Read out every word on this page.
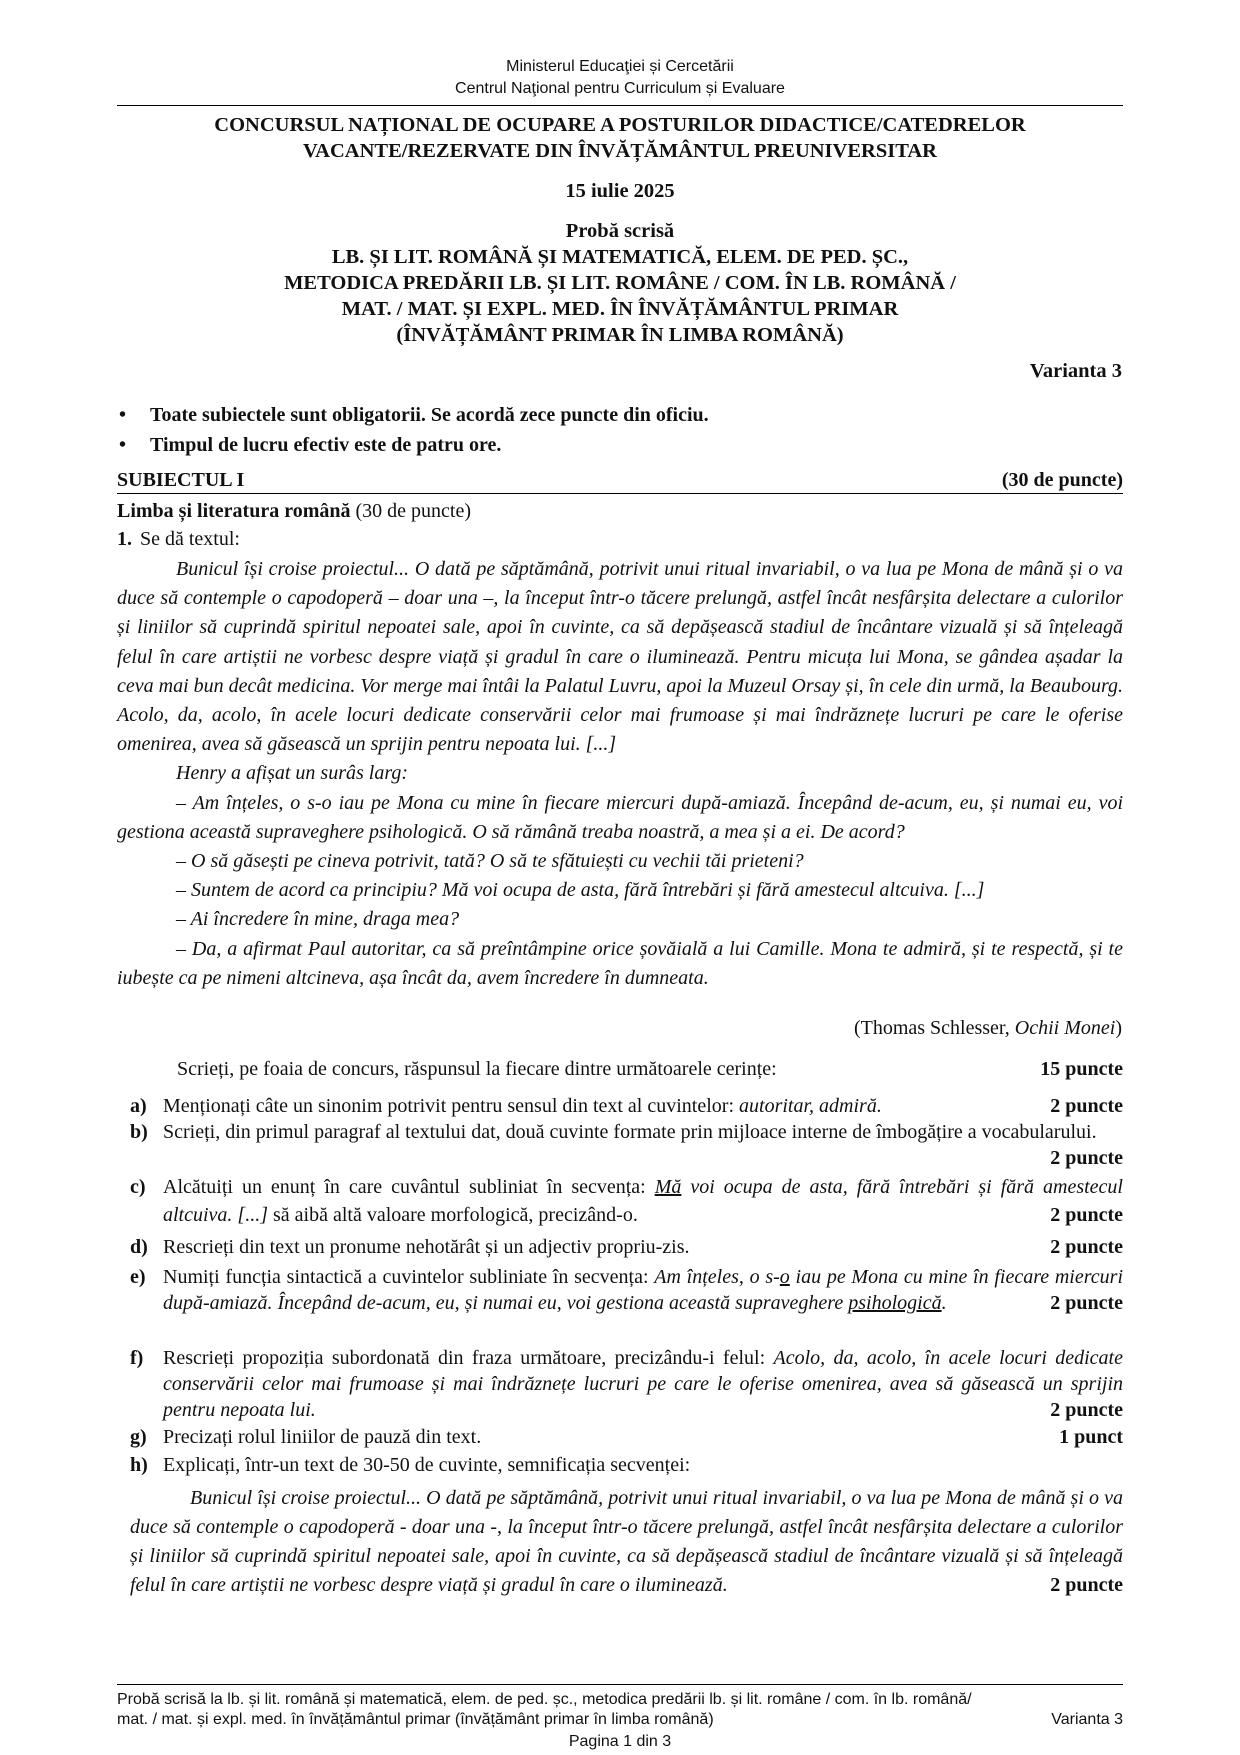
Ministerul Educaţiei și Cercetării
Centrul Naţional pentru Curriculum și Evaluare
CONCURSUL NAȚIONAL DE OCUPARE A POSTURILOR DIDACTICE/CATEDRELOR
VACANTE/REZERVATE DIN ÎNVĂȚĂMÂNTUL PREUNIVERSITAR
15 iulie 2025
Probă scrisă
LB. ȘI LIT. ROMÂNĂ ȘI MATEMATICĂ, ELEM. DE PED. ȘC.,
METODICA PREDĂRII LB. ȘI LIT. ROMÂNE / COM. ÎN LB. ROMÂNĂ /
MAT. / MAT. ȘI EXPL. MED. ÎN ÎNVĂȚĂMÂNTUL PRIMAR
(ÎNVĂȚĂMÂNT PRIMAR ÎN LIMBA ROMÂNĂ)
Varianta 3
• Toate subiectele sunt obligatorii. Se acordă zece puncte din oficiu.
• Timpul de lucru efectiv este de patru ore.
SUBIECTUL I	(30 de puncte)
Limba și literatura română (30 de puncte)
1. Se dă textul:

Bunicul își croise proiectul... O dată pe săptămână, potrivit unui ritual invariabil, o va lua pe Mona de mână și o va duce să contemple o capodoperă – doar una –, la început într-o tăcere prelungă, astfel încât nesfârșita delectare a culorilor și liniilor să cuprindă spiritul nepoatei sale, apoi în cuvinte, ca să depășească stadiul de încântare vizuală și să înțeleagă felul în care artiștii ne vorbesc despre viață și gradul în care o iluminează. Pentru micuța lui Mona, se gândea așadar la ceva mai bun decât medicina. Vor merge mai întâi la Palatul Luvru, apoi la Muzeul Orsay și, în cele din urmă, la Beaubourg. Acolo, da, acolo, în acele locuri dedicate conservării celor mai frumoase și mai îndrăznețe lucruri pe care le oferise omenirea, avea să găsească un sprijin pentru nepoata lui. [...]

Henry a afișat un surâs larg:

– Am înțeles, o s-o iau pe Mona cu mine în fiecare miercuri după-amiază. Începând de-acum, eu, și numai eu, voi gestiona această supraveghere psihologică. O să rămână treaba noastră, a mea și a ei. De acord?

– O să găsești pe cineva potrivit, tată? O să te sfătuiești cu vechii tăi prieteni?

– Suntem de acord ca principiu? Mă voi ocupa de asta, fără întrebări și fără amestecul altcuiva. [...]

– Ai încredere în mine, draga mea?

– Da, a afirmat Paul autoritar, ca să preîntâmpine orice șovăială a lui Camille. Mona te admiră, și te respectă, și te iubește ca pe nimeni altcineva, așa încât da, avem încredere în dumneata.

(Thomas Schlesser, Ochii Monei)
Scrieți, pe foaia de concurs, răspunsul la fiecare dintre următoarele cerințe:	15 puncte
a)	2 puncte
Menționați câte un sinonim potrivit pentru sensul din text al cuvintelor: autoritar, admiră.
b) Scrieți, din primul paragraf al textului dat, două cuvinte formate prin mijloace interne de îmbogățire a vocabularului.
2 puncte
c) Alcătuiți un enunț în care cuvântul subliniat în secvența: Mă voi ocupa de asta, fără întrebări și fără amestecul altcuiva. [...] să aibă altă valoare morfologică, precizând-o.	2 puncte
d)	2 puncte
Rescrieți din text un pronume nehotărât și un adjectiv propriu-zis.
e) Numiți funcția sintactică a cuvintelor subliniate în secvența: Am înțeles, o s-o iau pe Mona cu mine în fiecare miercuri după-amiază. Începând de-acum, eu, și numai eu, voi gestiona această supraveghere psihologică.	2 puncte
f) Rescrieți propoziția subordonată din fraza următoare, precizându-i felul: Acolo, da, acolo, în acele locuri dedicate conservării celor mai frumoase și mai îndrăznețe lucruri pe care le oferise omenirea, avea să găsească un sprijin pentru nepoata lui.	2 puncte
g)	1 punct
Precizați rolul liniilor de pauză din text.
h) Explicați, într-un text de 30-50 de cuvinte, semnificația secvenței:

Bunicul își croise proiectul... O dată pe săptămână, potrivit unui ritual invariabil, o va lua pe Mona de mână și o va duce să contemple o capodoperă - doar una -, la început într-o tăcere prelungă, astfel încât nesfârșita delectare a culorilor și liniilor să cuprindă spiritul nepoatei sale, apoi în cuvinte, ca să depășească stadiul de încântare vizuală și să înțeleagă felul în care artiștii ne vorbesc despre viață și gradul în care o iluminează.	2 puncte

Probă scrisă la lb. și lit. română și matematică, elem. de ped. șc., metodica predării lb. și lit. române / com. în lb. română/
mat. / mat. și expl. med. în învățământul primar (învățământ primar în limba română)	Varianta 3
Pagina 1 din 3
